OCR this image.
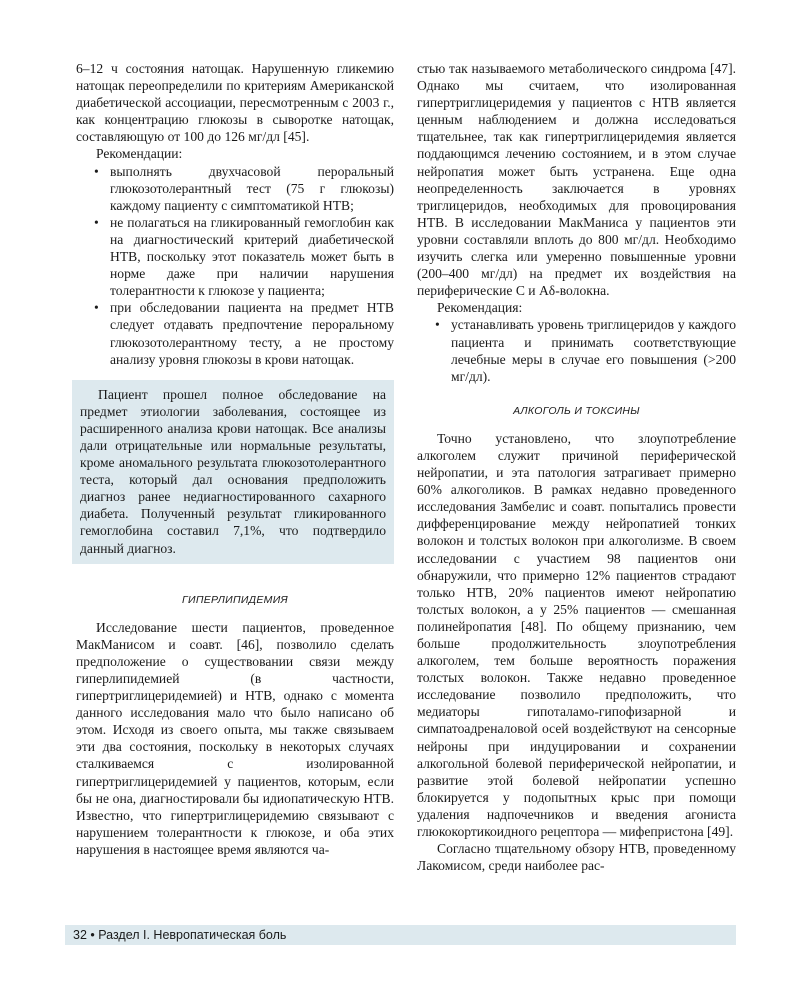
6–12 ч состояния натощак. Нарушенную гликемию натощак переопределили по критериям Американской диабетической ассоциации, пересмотренным с 2003 г., как концентрацию глюкозы в сыворотке натощак, составляющую от 100 до 126 мг/дл [45].

Рекомендации:

• выполнять двухчасовой пероральный глюкозотолерантный тест (75 г глюкозы) каждому пациенту с симптоматикой НТВ;
• не полагаться на гликированный гемоглобин как на диагностический критерий диабетической НТВ, поскольку этот показатель может быть в норме даже при наличии нарушения толерантности к глюкозе у пациента;
• при обследовании пациента на предмет НТВ следует отдавать предпочтение пероральному глюкозотолерантному тесту, а не простому анализу уровня глюкозы в крови натощак.

Пациент прошел полное обследование на предмет этиологии заболевания, состоящее из расширенного анализа крови натощак. Все анализы дали отрицательные или нормальные результаты, кроме аномального результата глюкозотолерантного теста, который дал основания предположить диагноз ранее недиагностированного сахарного диабета. Полученный результат гликированного гемоглобина составил 7,1%, что подтвердило данный диагноз.

ГИПЕРЛИПИДЕМИЯ

Исследование шести пациентов, проведенное МакМанисом и соавт. [46], позволило сделать предположение о существовании связи между гиперлипидемией (в частности, гипертриглицеридемией) и НТВ, однако с момента данного исследования мало что было написано об этом. Исходя из своего опыта, мы также связываем эти два состояния, поскольку в некоторых случаях сталкиваемся с изолированной гипертриглицеридемией у пациентов, которым, если бы не она, диагностировали бы идиопатическую НТВ. Известно, что гипертриглицеридемию связывают с нарушением толерантности к глюкозе, и оба этих нарушения в настоящее время являются ча-

стью так называемого метаболического синдрома [47]. Однако мы считаем, что изолированная гипертриглицеридемия у пациентов с НТВ является ценным наблюдением и должна исследоваться тщательнее, так как гипертриглицеридемия является поддающимся лечению состоянием, и в этом случае нейропатия может быть устранена. Еще одна неопределенность заключается в уровнях триглицеридов, необходимых для провоцирования НТВ. В исследовании МакМаниса у пациентов эти уровни составляли вплоть до 800 мг/дл. Необходимо изучить слегка или умеренно повышенные уровни (200–400 мг/дл) на предмет их воздействия на периферические С и Аδ-волокна.

Рекомендация:

• устанавливать уровень триглицеридов у каждого пациента и принимать соответствующие лечебные меры в случае его повышения (>200 мг/дл).
АЛКОГОЛЬ И ТОКСИНЫ

Точно установлено, что злоупотребление алкоголем служит причиной периферической нейропатии, и эта патология затрагивает примерно 60% алкоголиков. В рамках недавно проведенного исследования Замбелис и соавт. попытались провести дифференцирование между нейропатией тонких волокон и толстых волокон при алкоголизме. В своем исследовании с участием 98 пациентов они обнаружили, что примерно 12% пациентов страдают только НТВ, 20% пациентов имеют нейропатию толстых волокон, а у 25% пациентов — смешанная полинейропатия [48]. По общему признанию, чем больше продолжительность злоупотребления алкоголем, тем больше вероятность поражения толстых волокон. Также недавно проведенное исследование позволило предположить, что медиаторы гипоталамо-гипофизарной и симпатоадреналовой осей воздействуют на сенсорные нейроны при индуцировании и сохранении алкогольной болевой периферической нейропатии, и развитие этой болевой нейропатии успешно блокируется у подопытных крыс при помощи удаления надпочечников и введения агониста глюкокортикоидного рецептора — мифепристона [49].

Согласно тщательному обзору НТВ, проведенному Лакомисом, среди наиболее рас-

32 • Раздел I. Невропатическая боль
